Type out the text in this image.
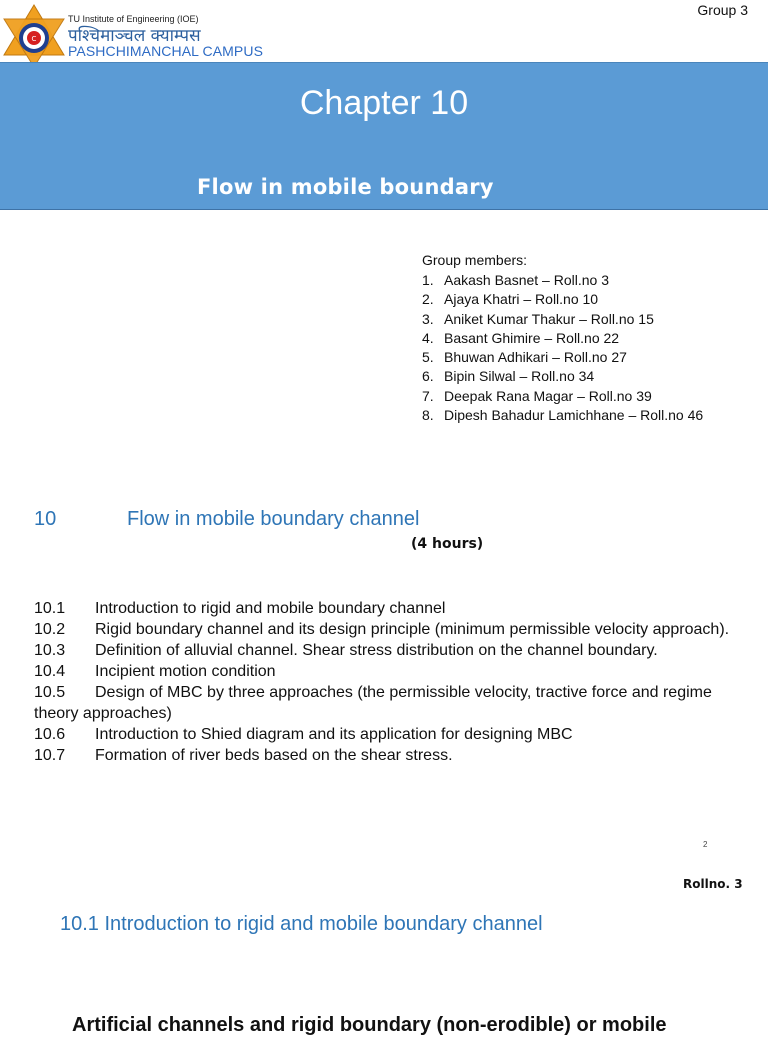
C
TU Institute of Engineering (IOE)
पश्चिमाञ्चल क्याम्पस
PASHCHIMANCHAL CAMPUS
Group 3
Chapter 10
Flow in mobile boundary
Group members:
1. Aakash Basnet – Roll.no 3
2. Ajaya Khatri – Roll.no 10
3. Aniket Kumar Thakur – Roll.no 15
4. Basant Ghimire – Roll.no 22
5. Bhuwan Adhikari – Roll.no 27
6. Bipin Silwal – Roll.no 34
7. Deepak Rana Magar – Roll.no 39
8. Dipesh Bahadur Lamichhane – Roll.no 46
10	Flow in mobile boundary channel
(4 hours)
10.1 Introduction to rigid and mobile boundary channel
10.2 Rigid boundary channel and its design principle (minimum permissible velocity approach).
10.3 Definition of alluvial channel. Shear stress distribution on the channel boundary.
10.4 Incipient motion condition
10.5 Design of MBC by three approaches (the permissible velocity, tractive force and regime theory approaches)
10.6 Introduction to Shied diagram and its application for designing MBC
10.7 Formation of river beds based on the shear stress.
2
Rollno. 3
10.1 Introduction to rigid and mobile boundary channel
Artificial channels and rigid boundary (non-erodible) or mobile
